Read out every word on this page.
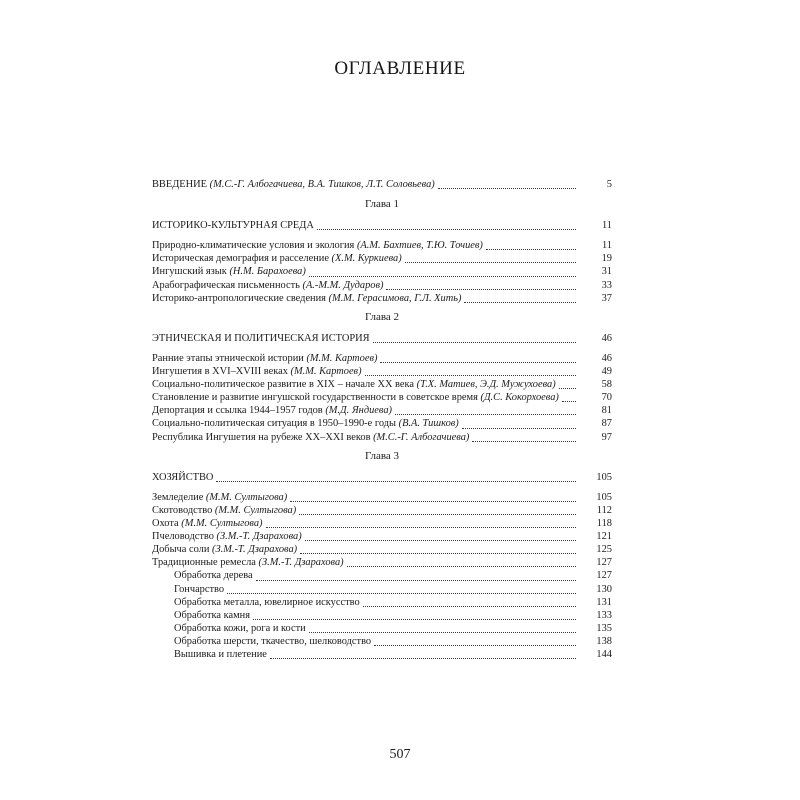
ОГЛАВЛЕНИЕ
ВВЕДЕНИЕ (М.С.-Г. Албогачиева, В.А. Тишков, Л.Т. Соловьева)	5
Глава 1
ИСТОРИКО-КУЛЬТУРНАЯ СРЕДА	11
Природно-климатические условия и экология (А.М. Бахтиев, Т.Ю. Точиев)	11
Историческая демография и расселение (Х.М. Куркиева)	19
Ингушский язык (Н.М. Барахоева)	31
Арабографическая письменность (А.-М.М. Дударов)	33
Историко-антропологические сведения (М.М. Герасимова, Г.Л. Хить)	37
Глава 2
ЭТНИЧЕСКАЯ И ПОЛИТИЧЕСКАЯ ИСТОРИЯ	46
Ранние этапы этнической истории (М.М. Картоев)	46
Ингушетия в XVI–XVIII веках (М.М. Картоев)	49
Социально-политическое развитие в XIX – начале XX века (Т.Х. Матиев, Э.Д. Мужухоева)	58
Становление и развитие ингушской государственности в советское время (Д.С. Кокорхоева)	70
Депортация и ссылка 1944–1957 годов (М.Д. Яндиева)	81
Социально-политическая ситуация в 1950–1990-е годы (В.А. Тишков)	87
Республика Ингушетия на рубеже XX–XXI веков (М.С.-Г. Албогачиева)	97
Глава 3
ХОЗЯЙСТВО	105
Земледелие (М.М. Султыгова)	105
Скотоводство (М.М. Султыгова)	112
Охота (М.М. Султыгова)	118
Пчеловодство (З.М.-Т. Дзарахова)	121
Добыча соли (З.М.-Т. Дзарахова)	125
Традиционные ремесла (З.М.-Т. Дзарахова)	127
Обработка дерева	127
Гончарство	130
Обработка металла, ювелирное искусство	131
Обработка камня	133
Обработка кожи, рога и кости	135
Обработка шерсти, ткачество, шелководство	138
Вышивка и плетение	144
507
